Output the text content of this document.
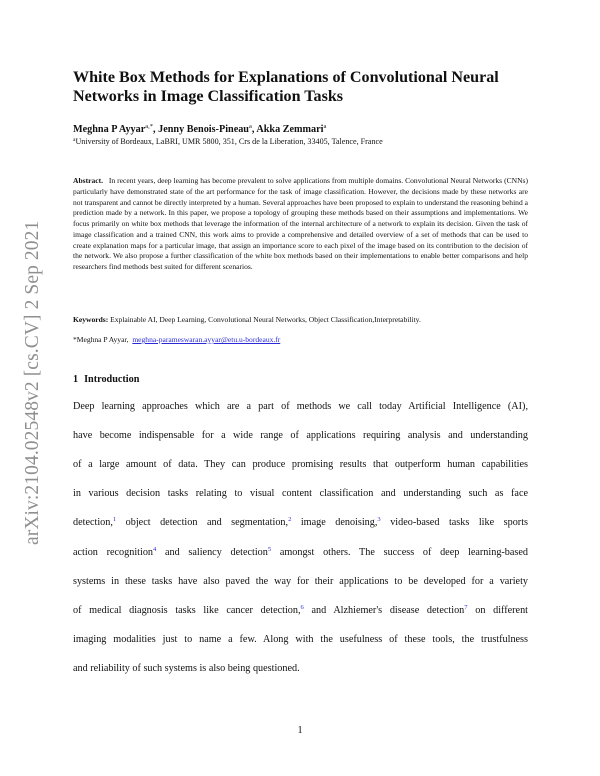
arXiv:2104.02548v2 [cs.CV] 2 Sep 2021
White Box Methods for Explanations of Convolutional Neural Networks in Image Classification Tasks
Meghna P Ayyar$^{a,*}$, Jenny Benois-Pineau$^a$, Akka Zemmari$^a$
$^a$University of Bordeaux, LaBRI, UMR 5800, 351, Crs de la Liberation, 33405, Talence, France

Abstract. In recent years, deep learning has become prevalent to solve applications from multiple domains. Convolutional Neural Networks (CNNs) particularly have demonstrated state of the art performance for the task of image classification. However, the decisions made by these networks are not transparent and cannot be directly interpreted by a human. Several approaches have been proposed to explain to understand the reasoning behind a prediction made by a network. In this paper, we propose a topology of grouping these methods based on their assumptions and implementations. We focus primarily on white box methods that leverage the information of the internal architecture of a network to explain its decision. Given the task of image classification and a trained CNN, this work aims to provide a comprehensive and detailed overview of a set of methods that can be used to create explanation maps for a particular image, that assign an importance score to each pixel of the image based on its contribution to the decision of the network. We also propose a further classification of the white box methods based on their implementations to enable better comparisons and help researchers find methods best suited for different scenarios.

Keywords: Explainable AI, Deep Learning, Convolutional Neural Networks, Object Classification,Interpretability.
*Meghna P Ayyar, meghna-parameswaran.ayyar@etu.u-bordeaux.fr
1 Introduction
Deep learning approaches which are a part of methods we call today Artificial Intelligence (AI),
have become indispensable for a wide range of applications requiring analysis and understanding
of a large amount of data. They can produce promising results that outperform human capabilities
in various decision tasks relating to visual content classification and understanding such as face
detection,$^1$ object detection and segmentation,$^2$ image denoising,$^3$ video-based tasks like sports
action recognition$^4$ and saliency detection$^5$ amongst others. The success of deep learning-based
systems in these tasks have also paved the way for their applications to be developed for a variety
of medical diagnosis tasks like cancer detection,$^6$ and Alzhiemer's disease detection$^7$ on different
imaging modalities just to name a few. Along with the usefulness of these tools, the trustfulness
and reliability of such systems is also being questioned.
1
